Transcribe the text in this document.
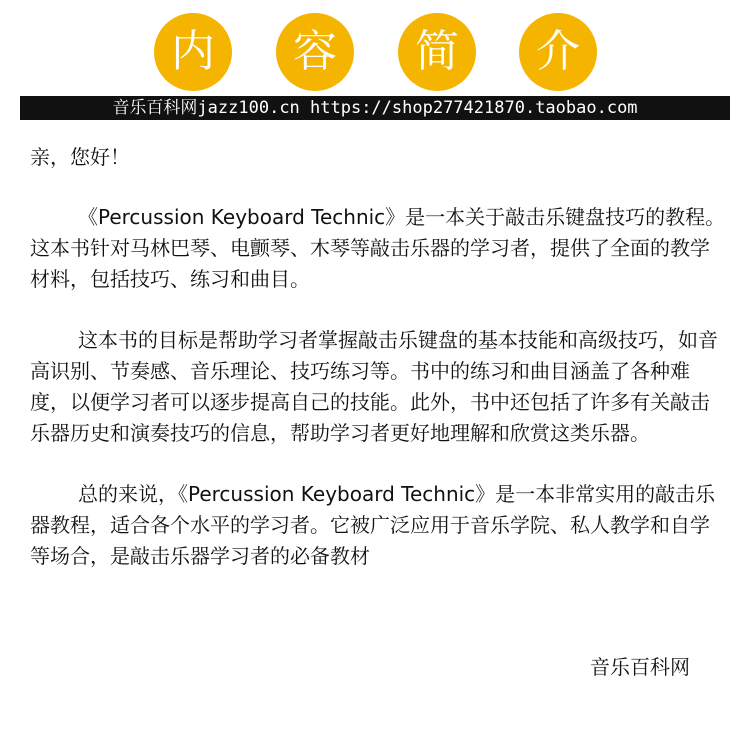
内	容	简	介
音乐百科网jazz100.cn https://shop277421870.taobao.com

亲，您好！

《Percussion Keyboard Technic》是一本关于敲击乐键盘技巧的教程。这本书针对马林巴琴、电颤琴、木琴等敲击乐器的学习者，提供了全面的教学材料，包括技巧、练习和曲目。

这本书的目标是帮助学习者掌握敲击乐键盘的基本技能和高级技巧，如音高识别、节奏感、音乐理论、技巧练习等。书中的练习和曲目涵盖了各种难度，以便学习者可以逐步提高自己的技能。此外，书中还包括了许多有关敲击乐器历史和演奏技巧的信息，帮助学习者更好地理解和欣赏这类乐器。

总的来说，《Percussion Keyboard Technic》是一本非常实用的敲击乐器教程，适合各个水平的学习者。它被广泛应用于音乐学院、私人教学和自学等场合，是敲击乐器学习者的必备教材

音乐百科网
